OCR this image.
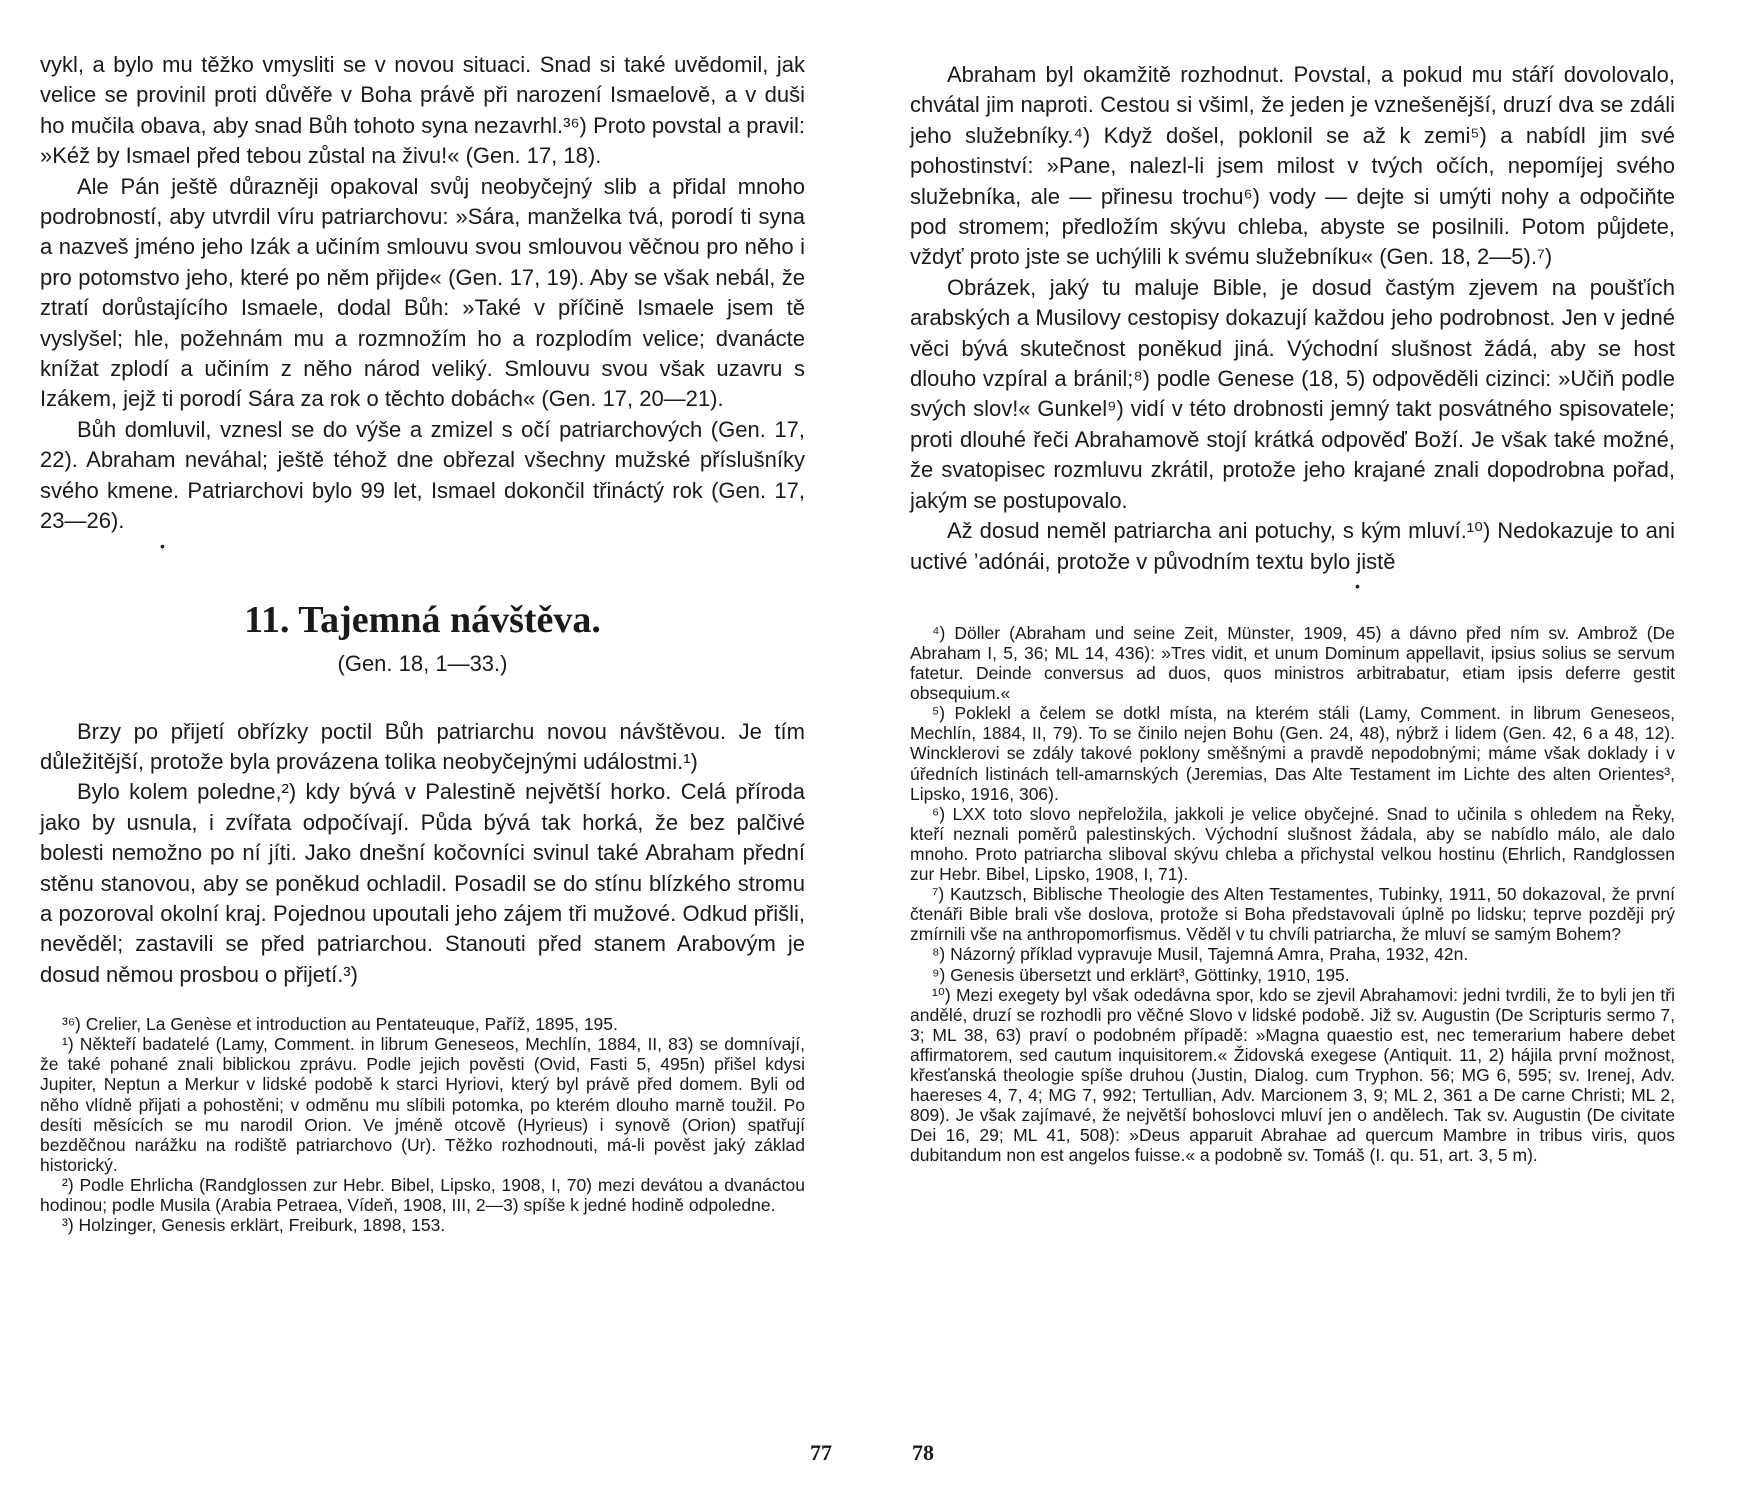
vykl, a bylo mu těžko vmysliti se v novou situaci. Snad si také uvědomil, jak velice se provinil proti důvěře v Boha právě při narození Ismaelově, a v duši ho mučila obava, aby snad Bůh tohoto syna nezavrhl.³⁶) Proto povstal a pravil: »Kéž by Ismael před tebou zůstal na živu!« (Gen. 17, 18).

Ale Pán ještě důrazněji opakoval svůj neobyčejný slib a přidal mnoho podrobností, aby utvrdil víru patriarchovu: »Sára, manželka tvá, porodí ti syna a nazveš jméno jeho Izák a učiním smlouvu svou smlouvou věčnou pro něho i pro potomstvo jeho, které po něm přijde« (Gen. 17, 19). Aby se však nebál, že ztratí dorůstajícího Ismaele, dodal Bůh: »Také v příčině Ismaele jsem tě vyslyšel; hle, požehnám mu a rozmnožím ho a rozplodím velice; dvanácte knížat zplodí a učiním z něho národ veliký. Smlouvu svou však uzavru s Izákem, jejž ti porodí Sára za rok o těchto dobách« (Gen. 17, 20—21).

Bůh domluvil, vznesl se do výše a zmizel s očí patriarchových (Gen. 17, 22). Abraham neváhal; ještě téhož dne obřezal všechny mužské příslušníky svého kmene. Patriarchovi bylo 99 let, Ismael dokončil třináctý rok (Gen. 17, 23—26).

•
11. Tajemná návštěva.
(Gen. 18, 1—33.)

Brzy po přijetí obřízky poctil Bůh patriarchu novou návštěvou. Je tím důležitější, protože byla provázena tolika neobyčejnými událostmi.¹)

Bylo kolem poledne,²) kdy bývá v Palestině největší horko. Celá příroda jako by usnula, i zvířata odpočívají. Půda bývá tak horká, že bez palčivé bolesti nemožno po ní jíti. Jako dnešní kočovníci svinul také Abraham přední stěnu stanovou, aby se poněkud ochladil. Posadil se do stínu blízkého stromu a pozoroval okolní kraj. Pojednou upoutali jeho zájem tři mužové. Odkud přišli, nevěděl; zastavili se před patriarchou. Stanouti před stanem Arabovým je dosud němou prosbou o přijetí.³)

³⁶) Crelier, La Genèse et introduction au Pentateuque, Paříž, 1895, 195.

¹) Někteří badatelé (Lamy, Comment. in librum Geneseos, Mechlín, 1884, II, 83) se domnívají, že také pohané znali biblickou zprávu. Podle jejich pověsti (Ovid, Fasti 5, 495n) přišel kdysi Jupiter, Neptun a Merkur v lidské podobě k starci Hyriovi, který byl právě před domem. Byli od něho vlídně přijati a pohostěni; v odměnu mu slíbili potomka, po kterém dlouho marně toužil. Po desíti měsících se mu narodil Orion. Ve jméně otcově (Hyrieus) i synově (Orion) spatřují bezděčnou narážku na rodiště patriarchovo (Ur). Těžko rozhodnouti, má-li pověst jaký základ historický.

²) Podle Ehrlicha (Randglossen zur Hebr. Bibel, Lipsko, 1908, I, 70) mezi devátou a dvanáctou hodinou; podle Musila (Arabia Petraea, Vídeň, 1908, III, 2—3) spíše k jedné hodině odpoledne.

³) Holzinger, Genesis erklärt, Freiburk, 1898, 153.

Abraham byl okamžitě rozhodnut. Povstal, a pokud mu stáří dovolovalo, chvátal jim naproti. Cestou si všiml, že jeden je vznešenější, druzí dva se zdáli jeho služebníky.⁴) Když došel, poklonil se až k zemi⁵) a nabídl jim své pohostinství: »Pane, nalezl-li jsem milost v tvých očích, nepomíjej svého služebníka, ale — přinesu trochu⁶) vody — dejte si umýti nohy a odpočiňte pod stromem; předložím skývu chleba, abyste se posilnili. Potom půjdete, vždyť proto jste se uchýlili k svému služebníku« (Gen. 18, 2—5).⁷)

Obrázek, jaký tu maluje Bible, je dosud častým zjevem na poušťích arabských a Musilovy cestopisy dokazují každou jeho podrobnost. Jen v jedné věci bývá skutečnost poněkud jiná. Východní slušnost žádá, aby se host dlouho vzpíral a bránil;⁸) podle Genese (18, 5) odpověděli cizinci: »Učiň podle svých slov!« Gunkel⁹) vidí v této drobnosti jemný takt posvátného spisovatele; proti dlouhé řeči Abrahamově stojí krátká odpověď Boží. Je však také možné, že svatopisec rozmluvu zkrátil, protože jeho krajané znali dopodrobna pořad, jakým se postupovalo.

Až dosud neměl patriarcha ani potuchy, s kým mluví.¹⁰) Nedokazuje to ani uctivé ’adónái, protože v původním textu bylo jistě

•

⁴) Döller (Abraham und seine Zeit, Münster, 1909, 45) a dávno před ním sv. Ambrož (De Abraham I, 5, 36; ML 14, 436): »Tres vidit, et unum Dominum appellavit, ipsius solius se servum fatetur. Deinde conversus ad duos, quos ministros arbitrabatur, etiam ipsis deferre gestit obsequium.«

⁵) Poklekl a čelem se dotkl místa, na kterém stáli (Lamy, Comment. in librum Geneseos, Mechlín, 1884, II, 79). To se činilo nejen Bohu (Gen. 24, 48), nýbrž i lidem (Gen. 42, 6 a 48, 12). Wincklerovi se zdály takové poklony směšnými a pravdě nepodobnými; máme však doklady i v úředních listinách tell-amarnských (Jeremias, Das Alte Testament im Lichte des alten Orientes³, Lipsko, 1916, 306).

⁶) LXX toto slovo nepřeložila, jakkoli je velice obyčejné. Snad to učinila s ohledem na Řeky, kteří neznali poměrů palestinských. Východní slušnost žádala, aby se nabídlo málo, ale dalo mnoho. Proto patriarcha sliboval skývu chleba a přichystal velkou hostinu (Ehrlich, Randglossen zur Hebr. Bibel, Lipsko, 1908, I, 71).

⁷) Kautzsch, Biblische Theologie des Alten Testamentes, Tubinky, 1911, 50 dokazoval, že první čtenáři Bible brali vše doslova, protože si Boha představovali úplně po lidsku; teprve později prý zmírnili vše na anthropomorfismus. Věděl v tu chvíli patriarcha, že mluví se samým Bohem?

⁸) Názorný příklad vypravuje Musil, Tajemná Amra, Praha, 1932, 42n.

⁹) Genesis übersetzt und erklärt³, Göttinky, 1910, 195.

¹⁰) Mezi exegety byl však odedávna spor, kdo se zjevil Abrahamovi: jedni tvrdili, že to byli jen tři andělé, druzí se rozhodli pro věčné Slovo v lidské podobě. Již sv. Augustin (De Scripturis sermo 7, 3; ML 38, 63) praví o podobném případě: »Magna quaestio est, nec temerarium habere debet affirmatorem, sed cautum inquisitorem.« Židovská exegese (Antiquit. 11, 2) hájila první možnost, křesťanská theologie spíše druhou (Justin, Dialog. cum Tryphon. 56; MG 6, 595; sv. Irenej, Adv. haereses 4, 7, 4; MG 7, 992; Tertullian, Adv. Marcionem 3, 9; ML 2, 361 a De carne Christi; ML 2, 809). Je však zajímavé, že největší bohoslovci mluví jen o andělech. Tak sv. Augustin (De civitate Dei 16, 29; ML 41, 508): »Deus apparuit Abrahae ad quercum Mambre in tribus viris, quos dubitandum non est angelos fuisse.« a podobně sv. Tomáš (I. qu. 51, art. 3, 5 m).

77	78
